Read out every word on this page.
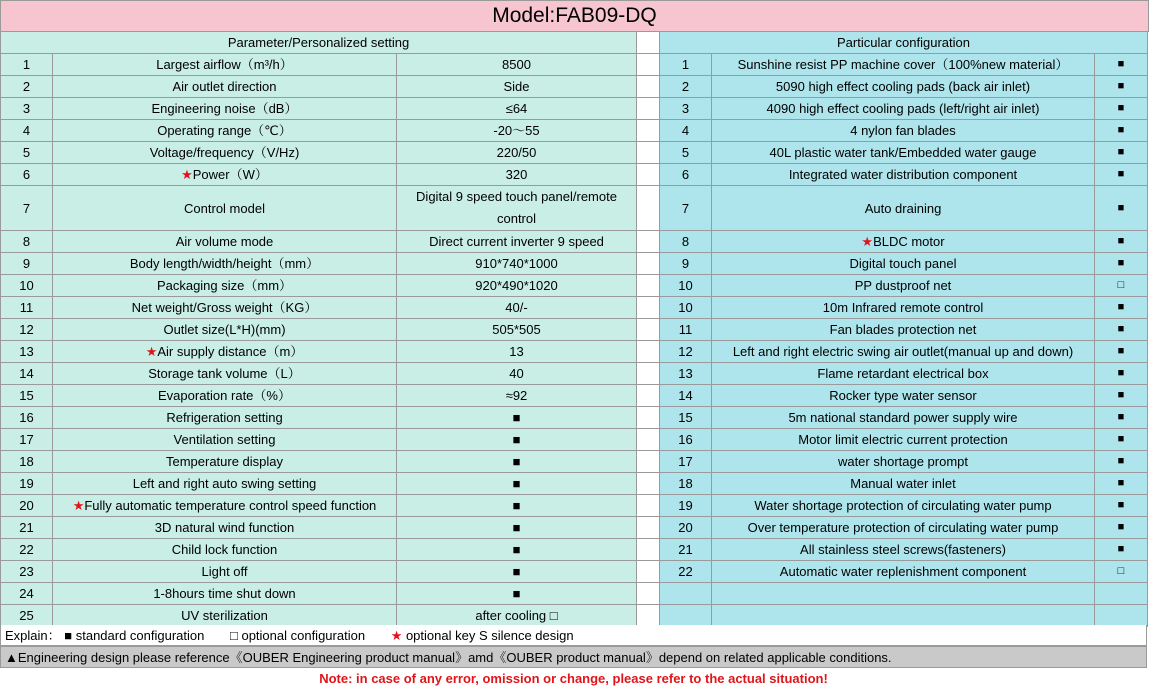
Model:FAB09-DQ
Parameter/Personalized setting				Particular configuration		
1	Largest airflow（m³/h）	8500		1	Sunshine resist PP machine cover（100%new material）	■
2	Air outlet direction	Side		2	5090 high effect cooling pads (back air inlet)	■
3	Engineering noise（dB）	≤64		3	4090 high effect cooling pads (left/right air inlet)	■
4	Operating range（℃）	-20～55		4	4 nylon fan blades	■
5	Voltage/frequency（V/Hz)	220/50		5	40L plastic water tank/Embedded water gauge	■
6	★Power（W）	320		6	Integrated water distribution component	■
7	Control model	Digital 9 speed touch panel/remote control		7	Auto draining	■
8	Air volume mode	Direct current inverter 9 speed		8	★BLDC motor	■
9	Body length/width/height（mm）	910*740*1000		9	Digital touch panel	■
10	Packaging size（mm）	920*490*1020		10	PP dustproof net	□
11	Net weight/Gross weight（KG）	40/-		10	10m Infrared remote control	■
12	Outlet size(L*H)(mm)	505*505		11	Fan blades protection net	■
13	★Air supply distance（m）	13		12	Left and right electric swing air outlet(manual up and down)	■
14	Storage tank volume（L）	40		13	Flame retardant electrical box	■
15	Evaporation rate（%）	≈92		14	Rocker type water sensor	■
16	Refrigeration setting	■		15	5m national standard power supply wire	■
17	Ventilation setting	■		16	Motor limit electric current protection	■
18	Temperature display	■		17	water shortage prompt	■
19	Left and right auto swing setting	■		18	Manual water inlet	■
20	★Fully automatic temperature control speed function	■		19	Water shortage protection of circulating water pump	■
21	3D natural wind function	■		20	Over temperature protection of circulating water pump	■
22	Child lock function	■		21	All stainless steel screws(fasteners)	■
23	Light off	■		22	Automatic water replenishment component	□
24	1-8hours time shut down	■				
25	UV sterilization	after cooling □				
Explain： ■ standard configuration □ optional configuration ★ optional key S silence design
▲Engineering design please reference《OUBER Engineering product manual》amd《OUBER product manual》depend on related applicable conditions.
Note: in case of any error, omission or change, please refer to the actual situation!
